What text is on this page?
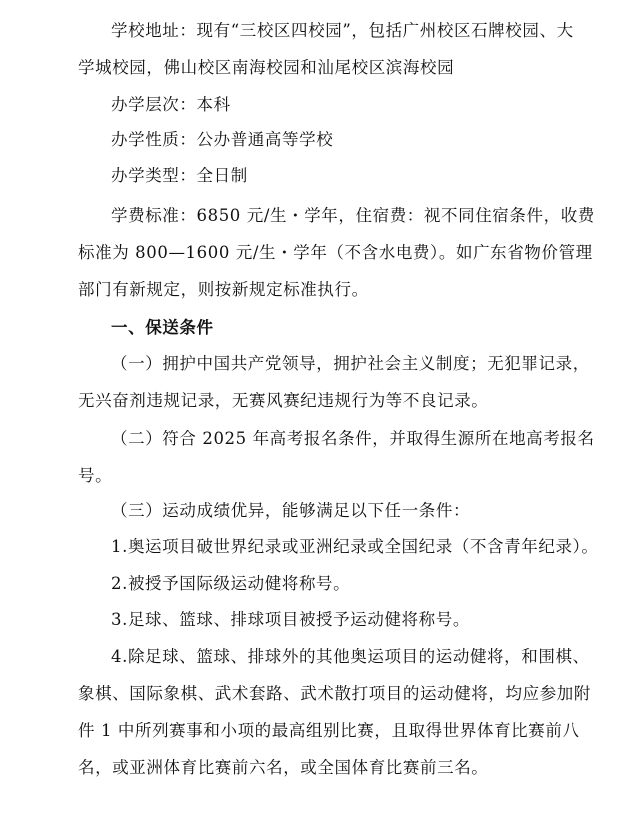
学校地址：现有“三校区四校园”，包括广州校区石牌校园、大
学城校园，佛山校区南海校园和汕尾校区滨海校园
办学层次：本科
办学性质：公办普通高等学校
办学类型：全日制
学费标准：6850 元/生・学年，住宿费：视不同住宿条件，收费
标准为 800—1600 元/生・学年（不含水电费）。如广东省物价管理
部门有新规定，则按新规定标准执行。
一、保送条件
（一）拥护中国共产党领导，拥护社会主义制度；无犯罪记录，
无兴奋剂违规记录，无赛风赛纪违规行为等不良记录。
（二）符合 2025 年高考报名条件，并取得生源所在地高考报名
号。
（三）运动成绩优异，能够满足以下任一条件：
1.奥运项目破世界纪录或亚洲纪录或全国纪录（不含青年纪录）。
2.被授予国际级运动健将称号。
3.足球、篮球、排球项目被授予运动健将称号。
4.除足球、篮球、排球外的其他奥运项目的运动健将，和围棋、
象棋、国际象棋、武术套路、武术散打项目的运动健将，均应参加附
件 1 中所列赛事和小项的最高组别比赛，且取得世界体育比赛前八
名，或亚洲体育比赛前六名，或全国体育比赛前三名。
